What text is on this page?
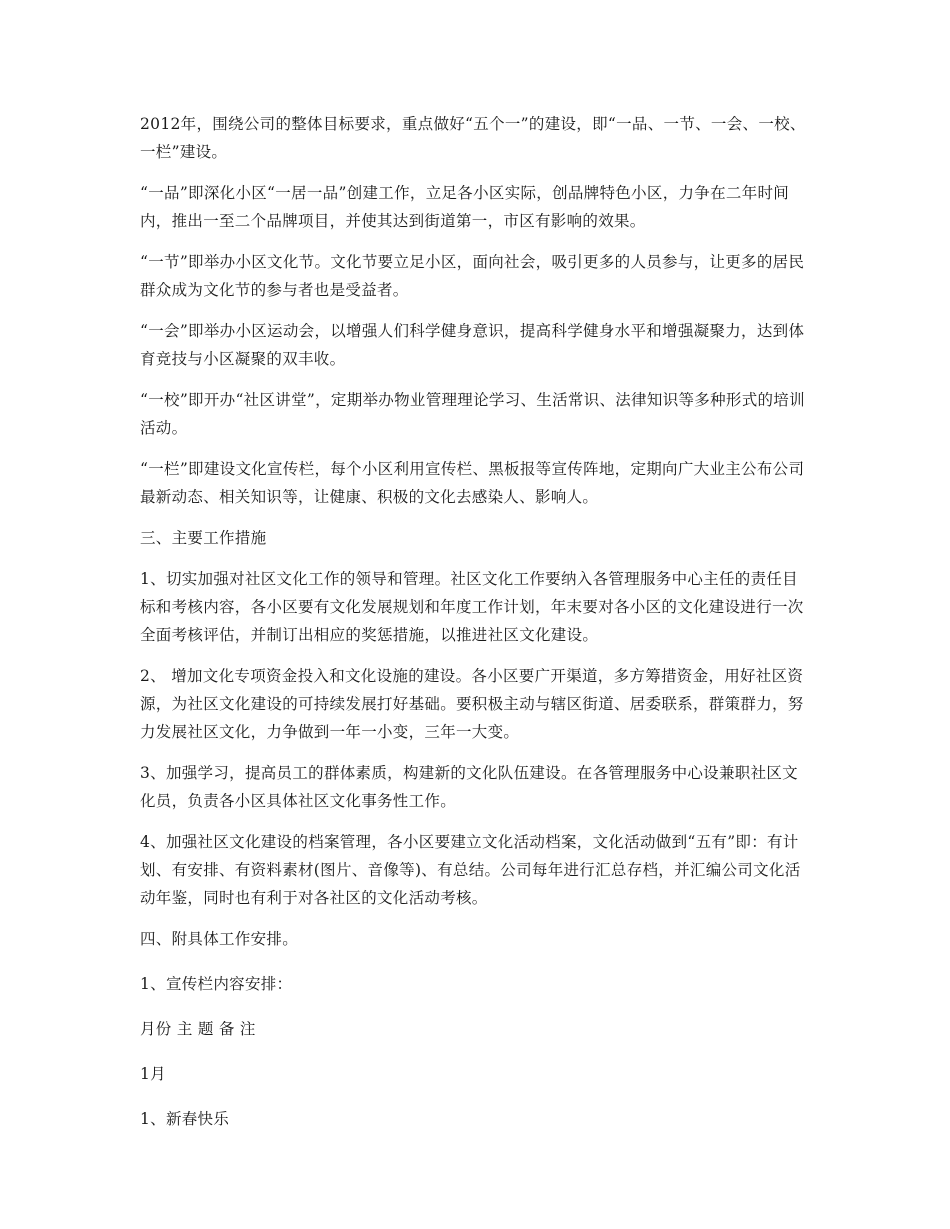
2012年，围绕公司的整体目标要求，重点做好“五个一”的建设，即“一品、一节、一会、一校、一栏”建设。

“一品”即深化小区“一居一品”创建工作，立足各小区实际，创品牌特色小区，力争在二年时间内，推出一至二个品牌项目，并使其达到街道第一，市区有影响的效果。

“一节”即举办小区文化节。文化节要立足小区，面向社会，吸引更多的人员参与，让更多的居民群众成为文化节的参与者也是受益者。

“一会”即举办小区运动会，以增强人们科学健身意识，提高科学健身水平和增强凝聚力，达到体育竞技与小区凝聚的双丰收。

“一校”即开办“社区讲堂”，定期举办物业管理理论学习、生活常识、法律知识等多种形式的培训活动。

“一栏”即建设文化宣传栏，每个小区利用宣传栏、黑板报等宣传阵地，定期向广大业主公布公司最新动态、相关知识等，让健康、积极的文化去感染人、影响人。

三、主要工作措施

1、切实加强对社区文化工作的领导和管理。社区文化工作要纳入各管理服务中心主任的责任目标和考核内容，各小区要有文化发展规划和年度工作计划，年末要对各小区的文化建设进行一次全面考核评估，并制订出相应的奖惩措施，以推进社区文化建设。

2、 增加文化专项资金投入和文化设施的建设。各小区要广开渠道，多方筹措资金，用好社区资源，为社区文化建设的可持续发展打好基础。要积极主动与辖区街道、居委联系，群策群力，努力发展社区文化，力争做到一年一小变，三年一大变。

3、加强学习，提高员工的群体素质，构建新的文化队伍建设。在各管理服务中心设兼职社区文化员，负责各小区具体社区文化事务性工作。

4、加强社区文化建设的档案管理，各小区要建立文化活动档案，文化活动做到“五有”即：有计划、有安排、有资料素材(图片、音像等)、有总结。公司每年进行汇总存档，并汇编公司文化活动年鉴，同时也有利于对各社区的文化活动考核。

四、附具体工作安排。

1、宣传栏内容安排：

月份 主 题 备 注

1月

1、新春快乐
